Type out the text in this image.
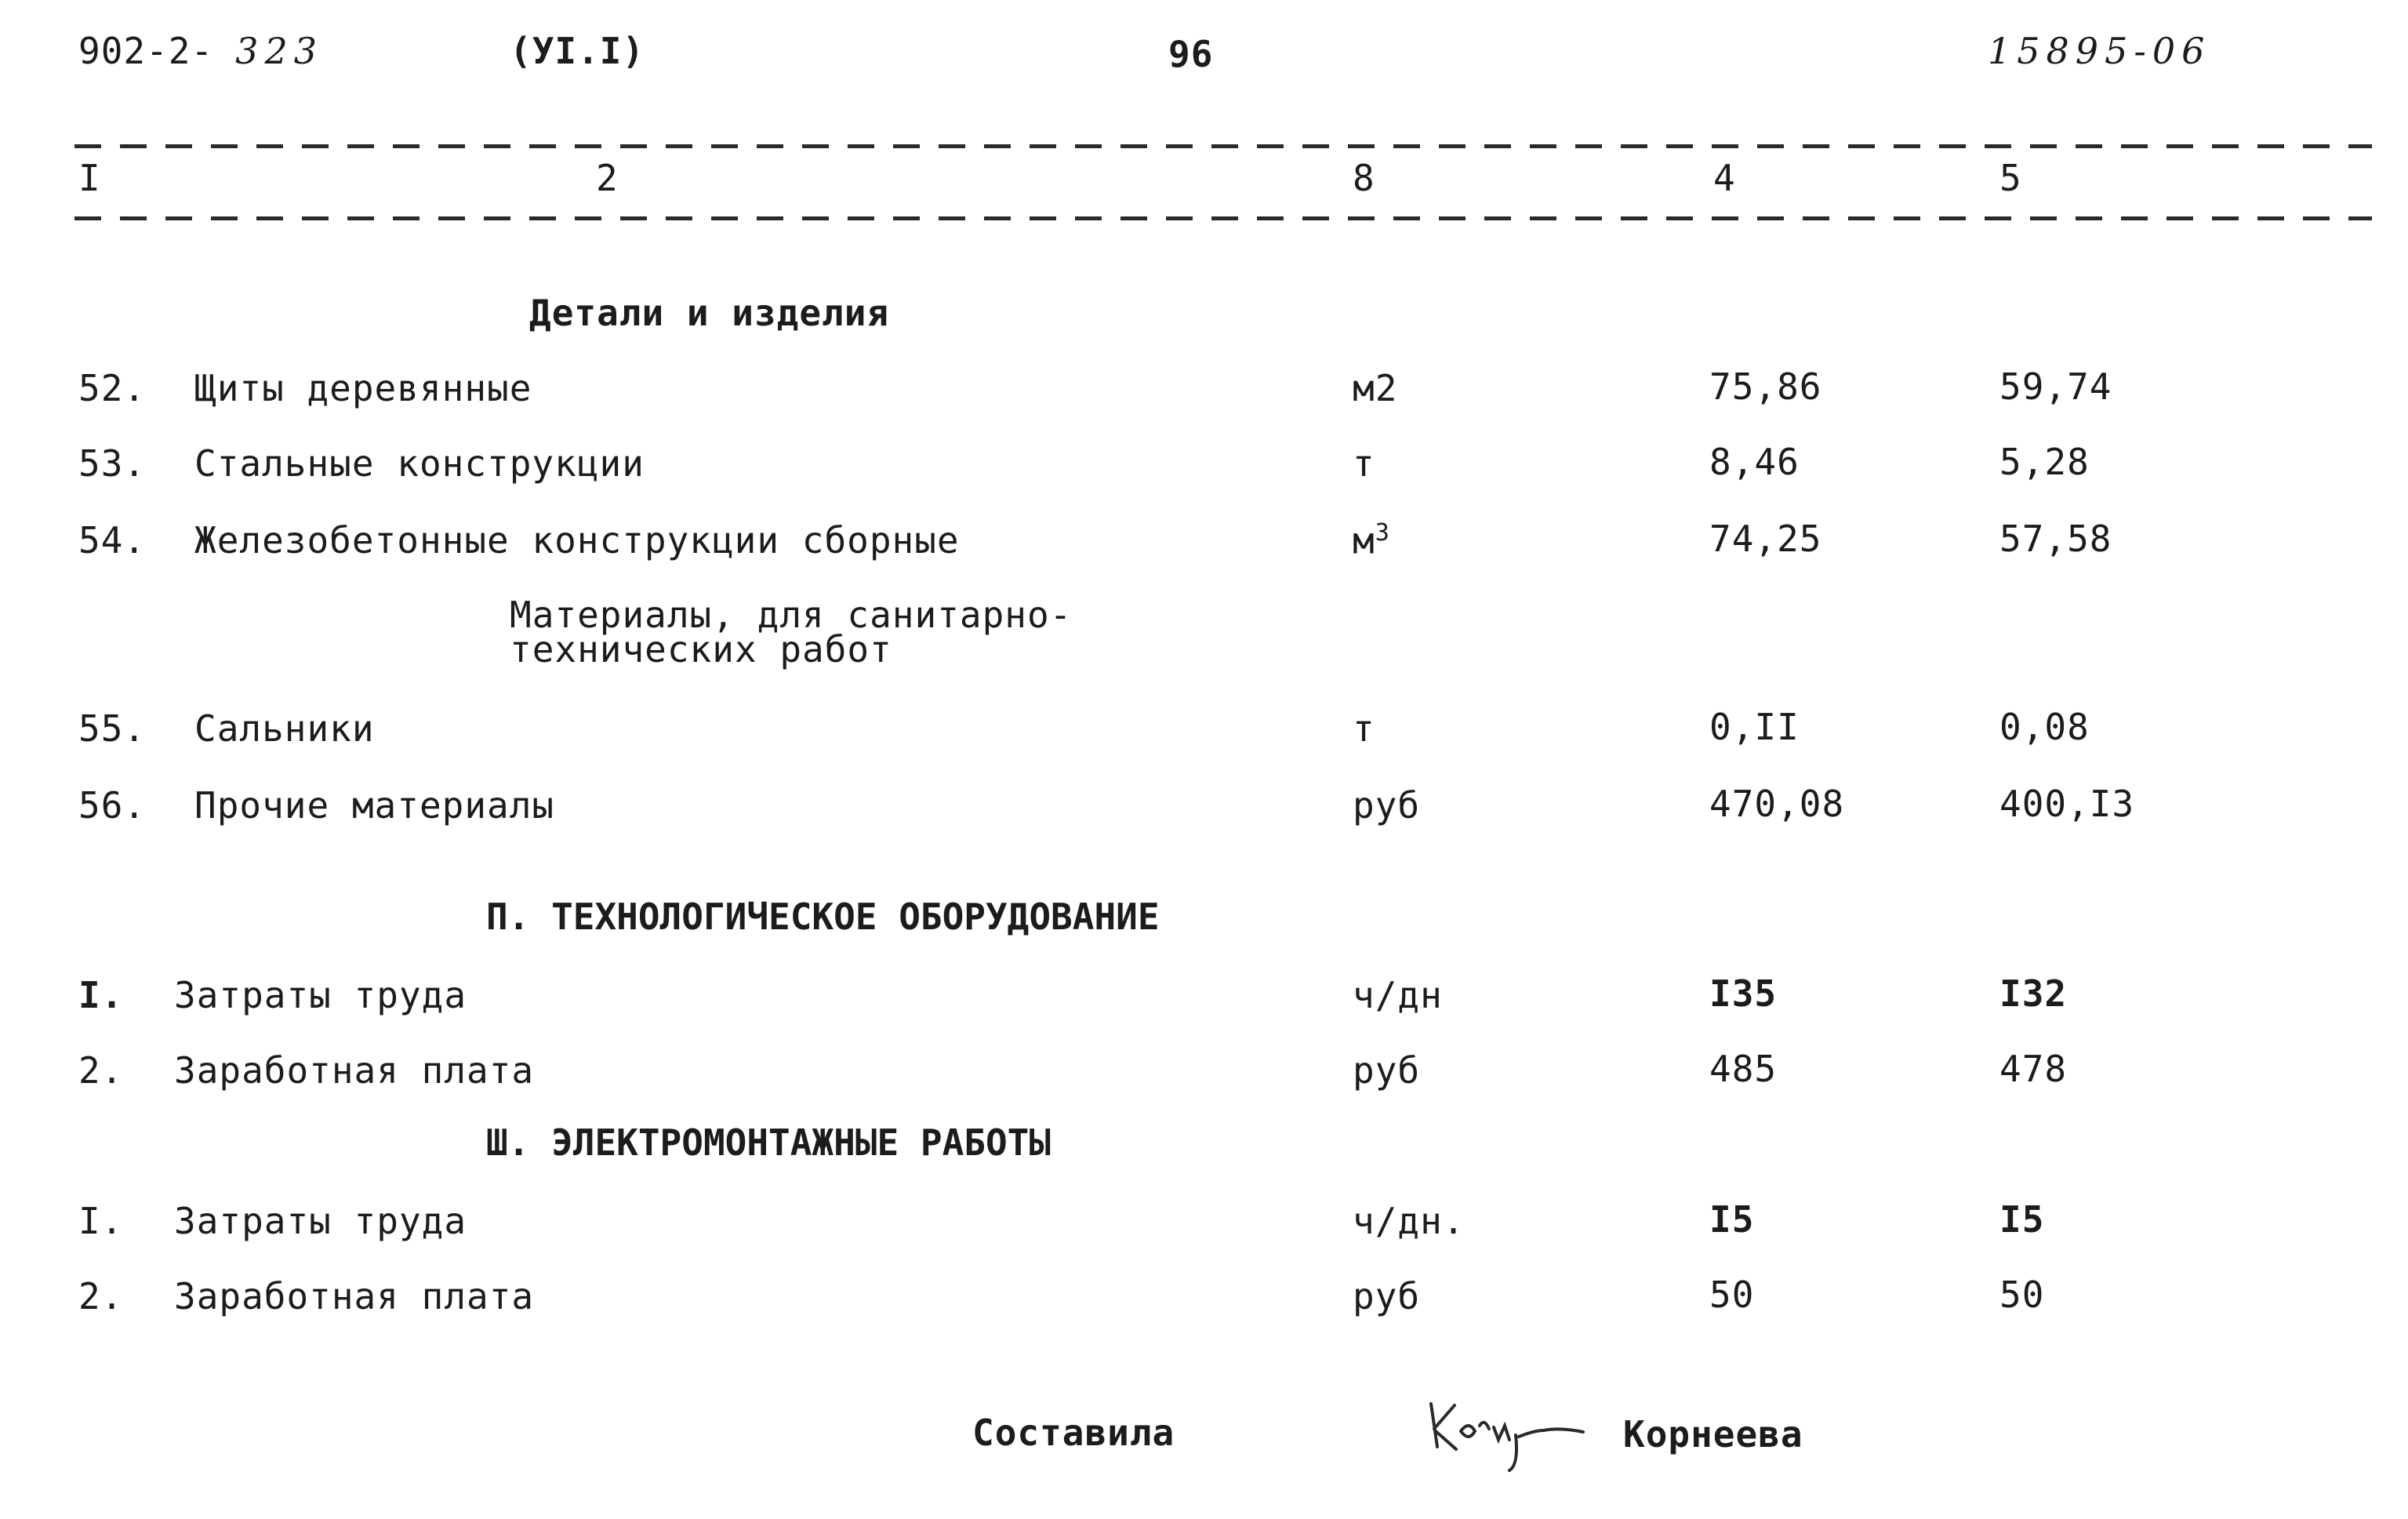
902-2- 323	(УI.I)	96	15895-06
I	2	8	4	5
Детали и изделия
52. Щиты деревянные	м2	75,86	59,74
53. Стальные конструкции	т	8,46	5,28
54. Железобетонные конструкции сборные	$м^3$	74,25	57,58
Материалы, для санитарно-
технических работ
55. Сальники	т	0,II	0,08
56. Прочие материалы	руб	470,08	400,I3
П. ТЕХНОЛОГИЧЕСКОЕ ОБОРУДОВАНИЕ
I. Затраты труда	ч/дн	I35	I32
2. Заработная плата	руб	485	478
Ш. ЭЛЕКТРОМОНТАЖНЫЕ РАБОТЫ
I. Затраты труда	ч/дн.	I5	I5
2. Заработная плата	руб	50	50
Составила	Корнеева
